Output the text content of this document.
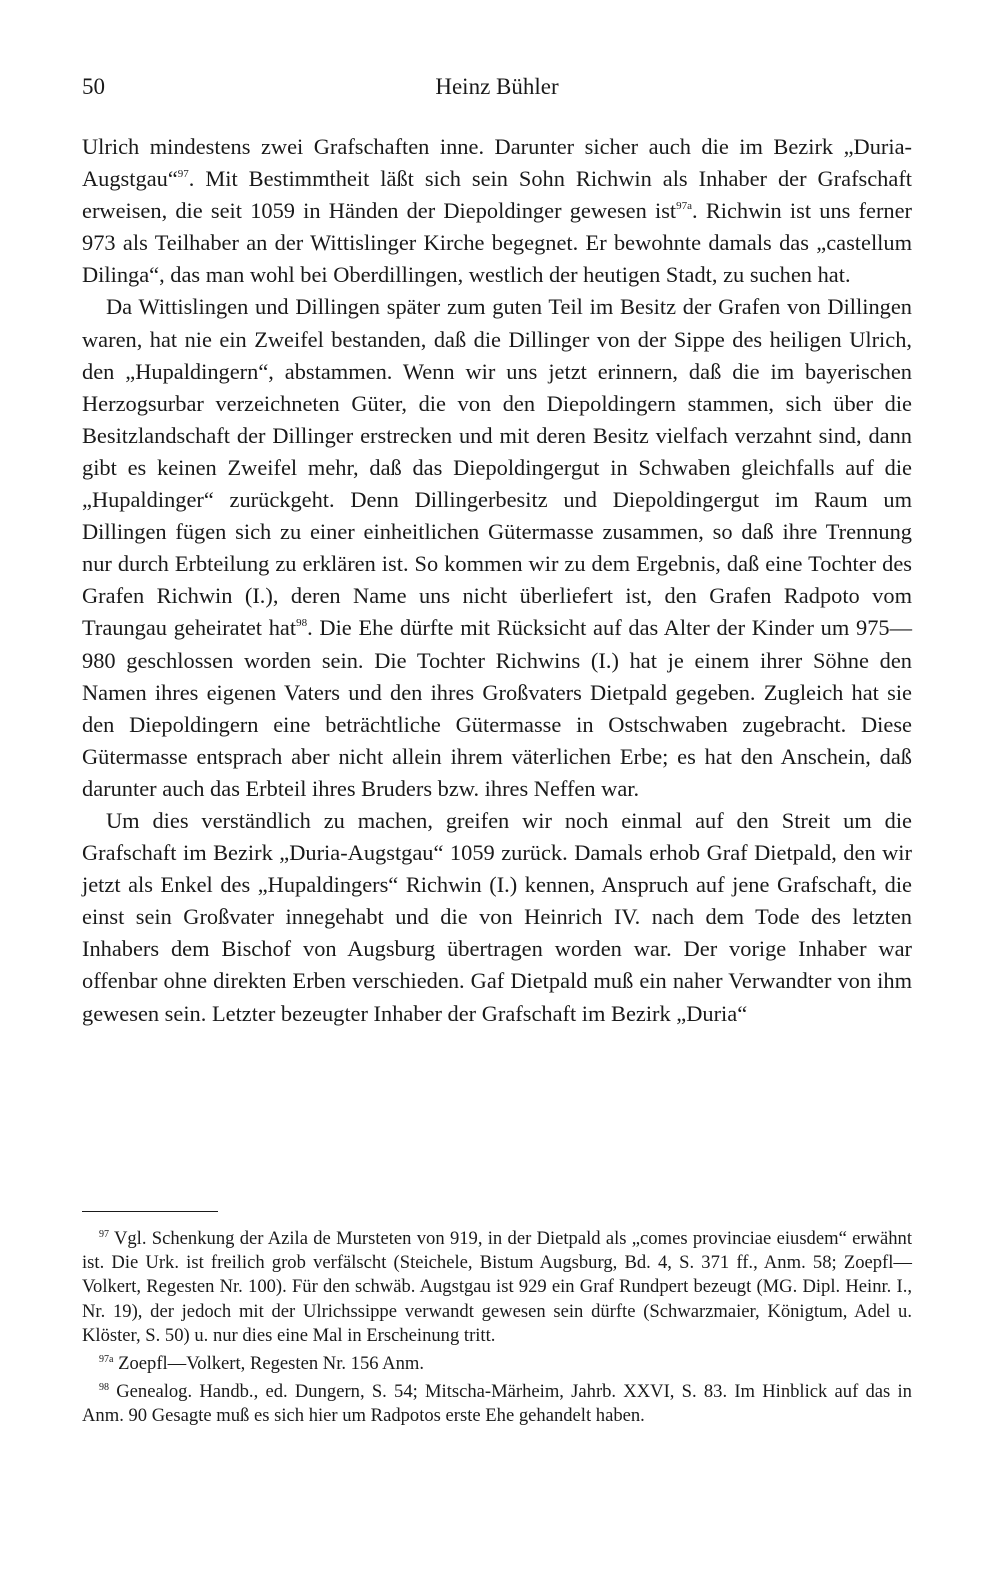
50	Heinz Bühler

Ulrich mindestens zwei Grafschaften inne. Darunter sicher auch die im Bezirk „Duria-Augstgau“$^{97}$. Mit Bestimmtheit läßt sich sein Sohn Richwin als Inhaber der Grafschaft erweisen, die seit 1059 in Händen der Diepoldinger gewesen ist$^{97a}$. Richwin ist uns ferner 973 als Teilhaber an der Wittislinger Kirche begegnet. Er bewohnte damals das „castellum Dilinga“, das man wohl bei Oberdillingen, westlich der heutigen Stadt, zu suchen hat.

Da Wittislingen und Dillingen später zum guten Teil im Besitz der Grafen von Dillingen waren, hat nie ein Zweifel bestanden, daß die Dillinger von der Sippe des heiligen Ulrich, den „Hupaldingern“, abstammen. Wenn wir uns jetzt erinnern, daß die im bayerischen Herzogsurbar verzeichneten Güter, die von den Diepoldingern stammen, sich über die Besitzlandschaft der Dillinger erstrecken und mit deren Besitz vielfach verzahnt sind, dann gibt es keinen Zweifel mehr, daß das Diepoldingergut in Schwaben gleichfalls auf die „Hupaldinger“ zurückgeht. Denn Dillingerbesitz und Diepoldingergut im Raum um Dillingen fügen sich zu einer einheitlichen Gütermasse zusammen, so daß ihre Trennung nur durch Erbteilung zu erklären ist. So kommen wir zu dem Ergebnis, daß eine Tochter des Grafen Richwin (I.), deren Name uns nicht überliefert ist, den Grafen Radpoto vom Traungau geheiratet hat$^{98}$. Die Ehe dürfte mit Rücksicht auf das Alter der Kinder um 975—980 geschlossen worden sein. Die Tochter Richwins (I.) hat je einem ihrer Söhne den Namen ihres eigenen Vaters und den ihres Großvaters Dietpald gegeben. Zugleich hat sie den Diepoldingern eine beträchtliche Gütermasse in Ostschwaben zugebracht. Diese Gütermasse entsprach aber nicht allein ihrem väterlichen Erbe; es hat den Anschein, daß darunter auch das Erbteil ihres Bruders bzw. ihres Neffen war.

Um dies verständlich zu machen, greifen wir noch einmal auf den Streit um die Grafschaft im Bezirk „Duria-Augstgau“ 1059 zurück. Damals erhob Graf Dietpald, den wir jetzt als Enkel des „Hupaldingers“ Richwin (I.) kennen, Anspruch auf jene Grafschaft, die einst sein Großvater innegehabt und die von Heinrich IV. nach dem Tode des letzten Inhabers dem Bischof von Augsburg übertragen worden war. Der vorige Inhaber war offenbar ohne direkten Erben verschieden. Gaf Dietpald muß ein naher Verwandter von ihm gewesen sein. Letzter bezeugter Inhaber der Grafschaft im Bezirk „Duria“

$^{97}$ Vgl. Schenkung der Azila de Mursteten von 919, in der Dietpald als „comes provinciae eiusdem“ erwähnt ist. Die Urk. ist freilich grob verfälscht (Steichele, Bistum Augsburg, Bd. 4, S. 371 ff., Anm. 58; Zoepfl—Volkert, Regesten Nr. 100). Für den schwäb. Augstgau ist 929 ein Graf Rundpert bezeugt (MG. Dipl. Heinr. I., Nr. 19), der jedoch mit der Ulrichssippe verwandt gewesen sein dürfte (Schwarzmaier, Königtum, Adel u. Klöster, S. 50) u. nur dies eine Mal in Erscheinung tritt.

$^{97a}$ Zoepfl—Volkert, Regesten Nr. 156 Anm.

$^{98}$ Genealog. Handb., ed. Dungern, S. 54; Mitscha-Märheim, Jahrb. XXVI, S. 83. Im Hinblick auf das in Anm. 90 Gesagte muß es sich hier um Radpotos erste Ehe gehandelt haben.
